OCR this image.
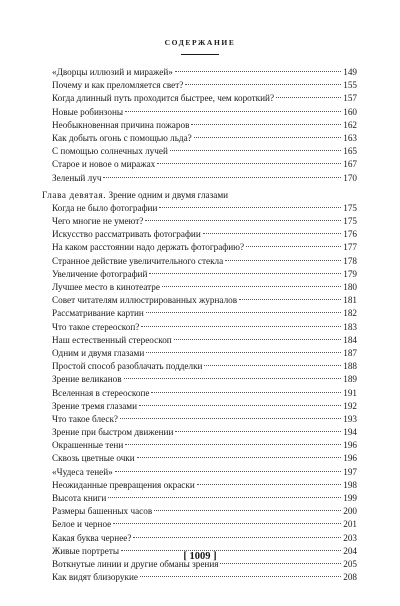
СОДЕРЖАНИЕ
«Дворцы иллюзий и миражей»	149
Почему и как преломляется свет?	155
Когда длинный путь проходится быстрее, чем короткий?	157
Новые робинзоны	160
Необыкновенная причина пожаров	162
Как добыть огонь с помощью льда?	163
С помощью солнечных лучей	165
Старое и новое о миражах	167
Зеленый луч	170
Глава девятая. Зрение одним и двумя глазами
Когда не было фотографии	175
Чего многие не умеют?	175
Искусство рассматривать фотографии	176
На каком расстоянии надо держать фотографию?	177
Странное действие увеличительного стекла	178
Увеличение фотографий	179
Лучшее место в кинотеатре	180
Совет читателям иллюстрированных журналов	181
Рассматривание картин	182
Что такое стереоскоп?	183
Наш естественный стереоскоп	184
Одним и двумя глазами	187
Простой способ разоблачать подделки	188
Зрение великанов	189
Вселенная в стереоскопе	191
Зрение тремя глазами	192
Что такое блеск?	193
Зрение при быстром движении	194
Окрашенные тени	196
Сквозь цветные очки	196
«Чудеса теней»	197
Неожиданные превращения окраски	198
Высота книги	199
Размеры башенных часов	200
Белое и черное	201
Какая буква чернее?	203
Живые портреты	204
Воткнутые линии и другие обманы зрения	205
Как видят близорукие	208
[ 1009 ]
